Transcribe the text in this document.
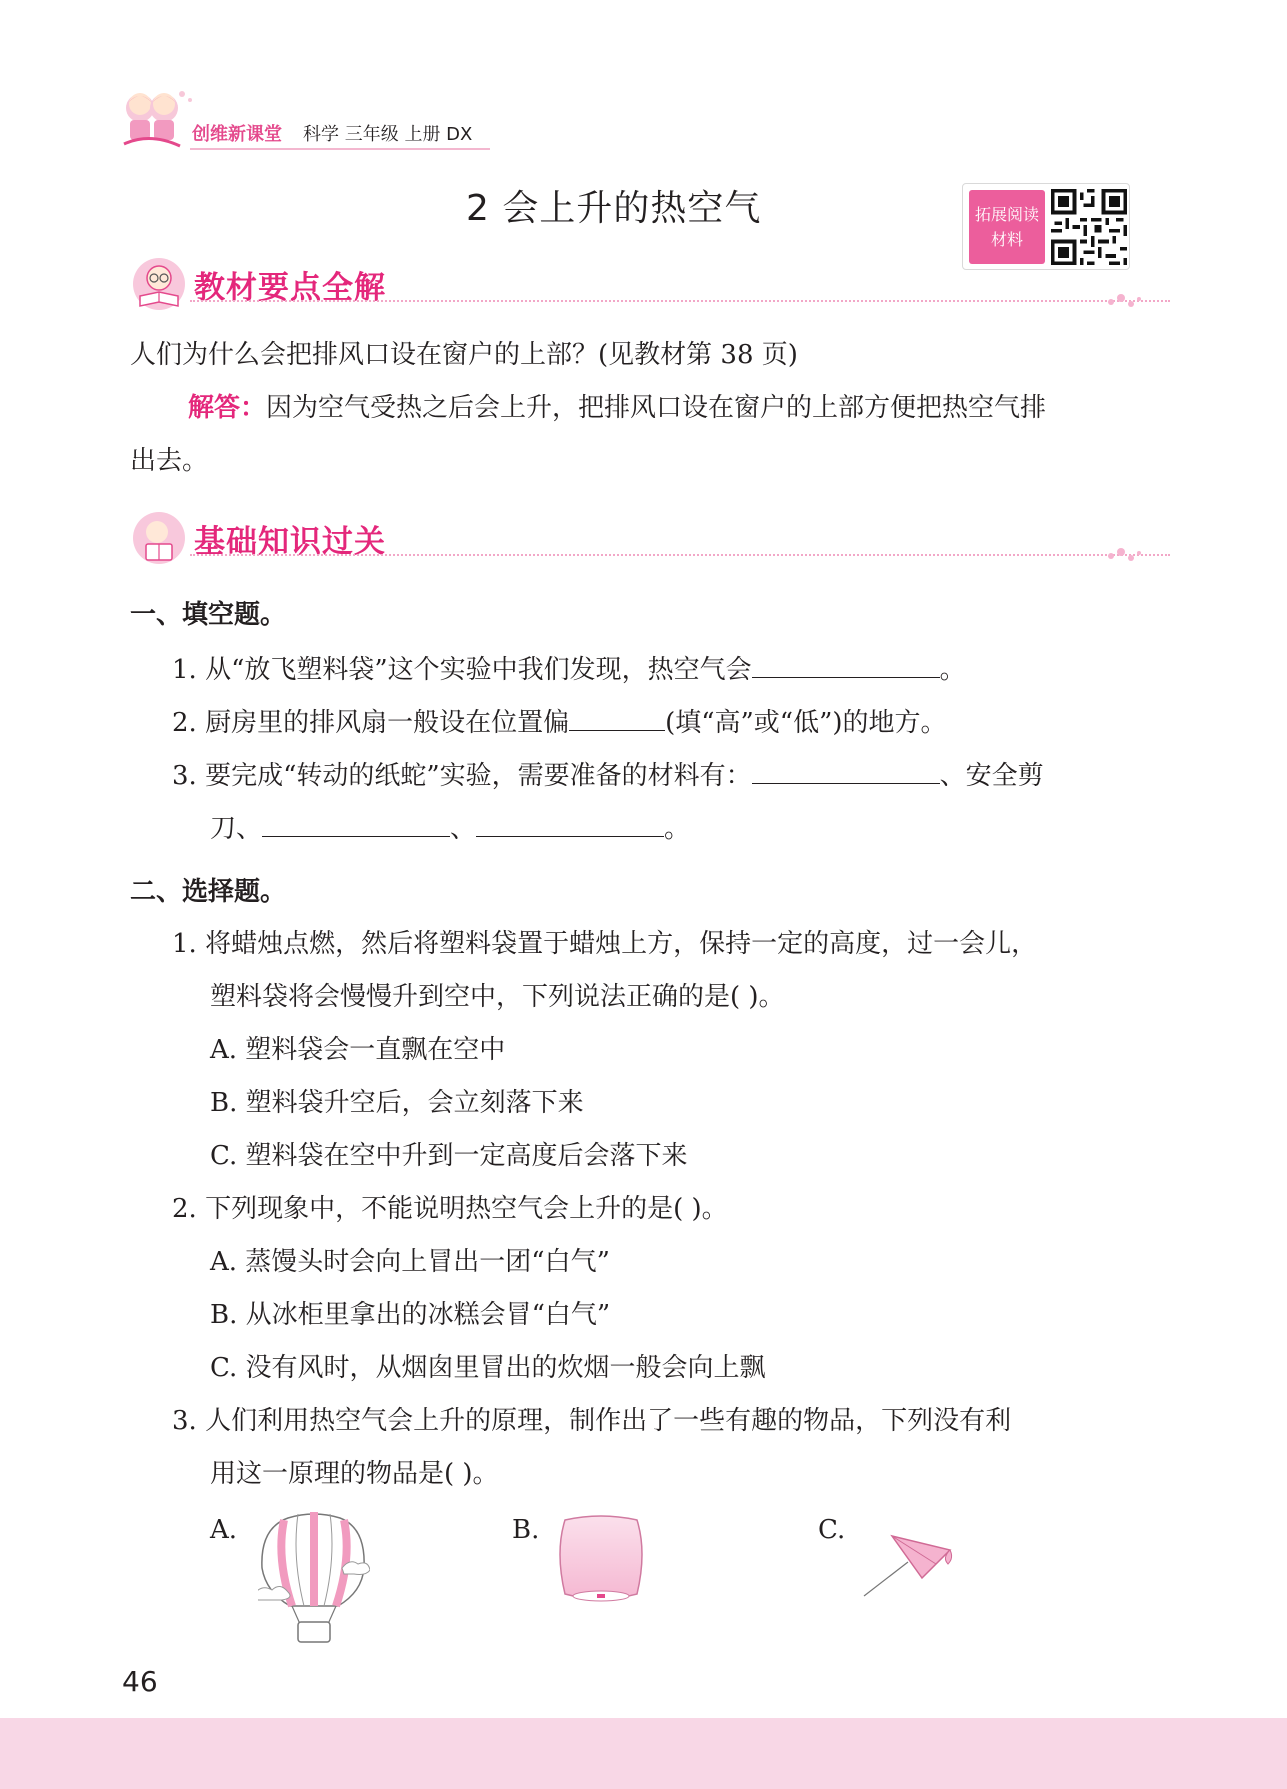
创维新课堂 科学 三年级 上册 DX
2 会上升的热空气	拓展阅读
材料
教材要点全解
人们为什么会把排风口设在窗户的上部？(见教材第 38 页)
解答：因为空气受热之后会上升，把排风口设在窗户的上部方便把热空气排
出去。
基础知识过关
一、填空题。
1. 从“放飞塑料袋”这个实验中我们发现，热空气会	。
2. 厨房里的排风扇一般设在位置偏	(填“高”或“低”)的地方。
3. 要完成“转动的纸蛇”实验，需要准备的材料有：	、安全剪
刀、	、	。
二、选择题。
1. 将蜡烛点燃，然后将塑料袋置于蜡烛上方，保持一定的高度，过一会儿，
塑料袋将会慢慢升到空中，下列说法正确的是( )。
A. 塑料袋会一直飘在空中
B. 塑料袋升空后，会立刻落下来
C. 塑料袋在空中升到一定高度后会落下来
2. 下列现象中，不能说明热空气会上升的是( )。
A. 蒸馒头时会向上冒出一团“白气”
B. 从冰柜里拿出的冰糕会冒“白气”
C. 没有风时，从烟囱里冒出的炊烟一般会向上飘
3. 人们利用热空气会上升的原理，制作出了一些有趣的物品，下列没有利
用这一原理的物品是( )。
A.	B.	C.
46
